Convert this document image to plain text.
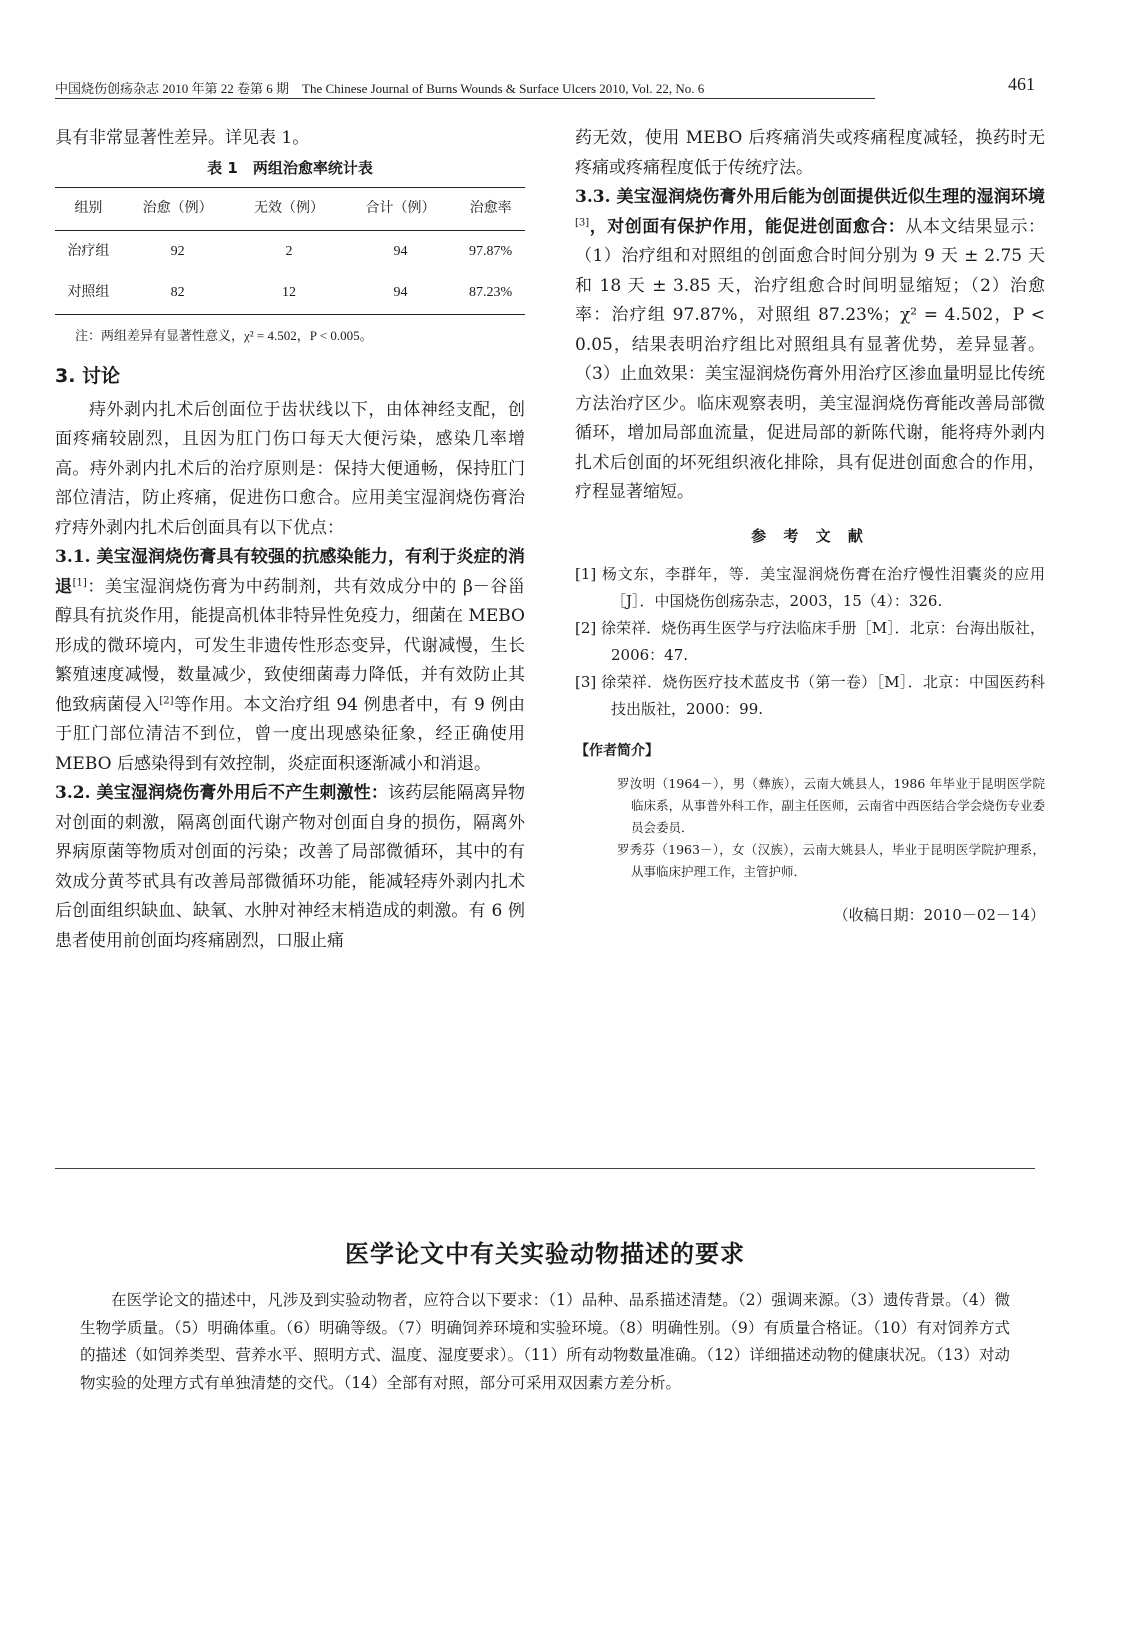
中国烧伤创疡杂志 2010 年第 22 卷第 6 期　The Chinese Journal of Burns Wounds & Surface Ulcers 2010, Vol. 22, No. 6	461

具有非常显著性差异。详见表 1。

表 1　两组治愈率统计表
组别	治愈（例）	无效（例）	合计（例）	治愈率
治疗组	92	2	94	97.87%
对照组	82	12	94	87.23%
注：两组差异有显著性意义，χ² = 4.502，P < 0.005。
3. 讨论

痔外剥内扎术后创面位于齿状线以下，由体神经支配，创面疼痛较剧烈，且因为肛门伤口每天大便污染，感染几率增高。痔外剥内扎术后的治疗原则是：保持大便通畅，保持肛门部位清洁，防止疼痛，促进伤口愈合。应用美宝湿润烧伤膏治疗痔外剥内扎术后创面具有以下优点：

3.1. 美宝湿润烧伤膏具有较强的抗感染能力，有利于炎症的消退[1]：美宝湿润烧伤膏为中药制剂，共有效成分中的 β－谷甾醇具有抗炎作用，能提高机体非特异性免疫力，细菌在 MEBO 形成的微环境内，可发生非遗传性形态变异，代谢减慢，生长繁殖速度减慢，数量减少，致使细菌毒力降低，并有效防止其他致病菌侵入[2]等作用。本文治疗组 94 例患者中，有 9 例由于肛门部位清洁不到位，曾一度出现感染征象，经正确使用 MEBO 后感染得到有效控制，炎症面积逐渐减小和消退。

3.2. 美宝湿润烧伤膏外用后不产生刺激性：该药层能隔离异物对创面的刺激，隔离创面代谢产物对创面自身的损伤，隔离外界病原菌等物质对创面的污染；改善了局部微循环，其中的有效成分黄芩甙具有改善局部微循环功能，能减轻痔外剥内扎术后创面组织缺血、缺氧、水肿对神经末梢造成的刺激。有 6 例患者使用前创面均疼痛剧烈，口服止痛

药无效，使用 MEBO 后疼痛消失或疼痛程度减轻，换药时无疼痛或疼痛程度低于传统疗法。

3.3. 美宝湿润烧伤膏外用后能为创面提供近似生理的湿润环境[3]，对创面有保护作用，能促进创面愈合：从本文结果显示：（1）治疗组和对照组的创面愈合时间分别为 9 天 ± 2.75 天和 18 天 ± 3.85 天，治疗组愈合时间明显缩短；（2）治愈率：治疗组 97.87%，对照组 87.23%；χ² = 4.502，P < 0.05，结果表明治疗组比对照组具有显著优势，差异显著。（3）止血效果：美宝湿润烧伤膏外用治疗区渗血量明显比传统方法治疗区少。临床观察表明，美宝湿润烧伤膏能改善局部微循环，增加局部血流量，促进局部的新陈代谢，能将痔外剥内扎术后创面的坏死组织液化排除，具有促进创面愈合的作用，疗程显著缩短。

参 考 文 献

[1] 杨文东，李群年，等．美宝湿润烧伤膏在治疗慢性泪囊炎的应用［J］．中国烧伤创疡杂志，2003，15（4）：326.

[2] 徐荣祥．烧伤再生医学与疗法临床手册［M］．北京：台海出版社，2006：47.

[3] 徐荣祥．烧伤医疗技术蓝皮书（第一卷）［M］．北京：中国医药科技出版社，2000：99.

【作者简介】

罗汝明（1964－），男（彝族），云南大姚县人，1986 年毕业于昆明医学院临床系，从事普外科工作，副主任医师，云南省中西医结合学会烧伤专业委员会委员．

罗秀芬（1963－），女（汉族），云南大姚县人，毕业于昆明医学院护理系，从事临床护理工作，主管护师．

（收稿日期：2010－02－14）
医学论文中有关实验动物描述的要求

在医学论文的描述中，凡涉及到实验动物者，应符合以下要求：（1）品种、品系描述清楚。（2）强调来源。（3）遗传背景。（4）微生物学质量。（5）明确体重。（6）明确等级。（7）明确饲养环境和实验环境。（8）明确性别。（9）有质量合格证。（10）有对饲养方式的描述（如饲养类型、营养水平、照明方式、温度、湿度要求）。（11）所有动物数量准确。（12）详细描述动物的健康状况。（13）对动物实验的处理方式有单独清楚的交代。（14）全部有对照，部分可采用双因素方差分析。
